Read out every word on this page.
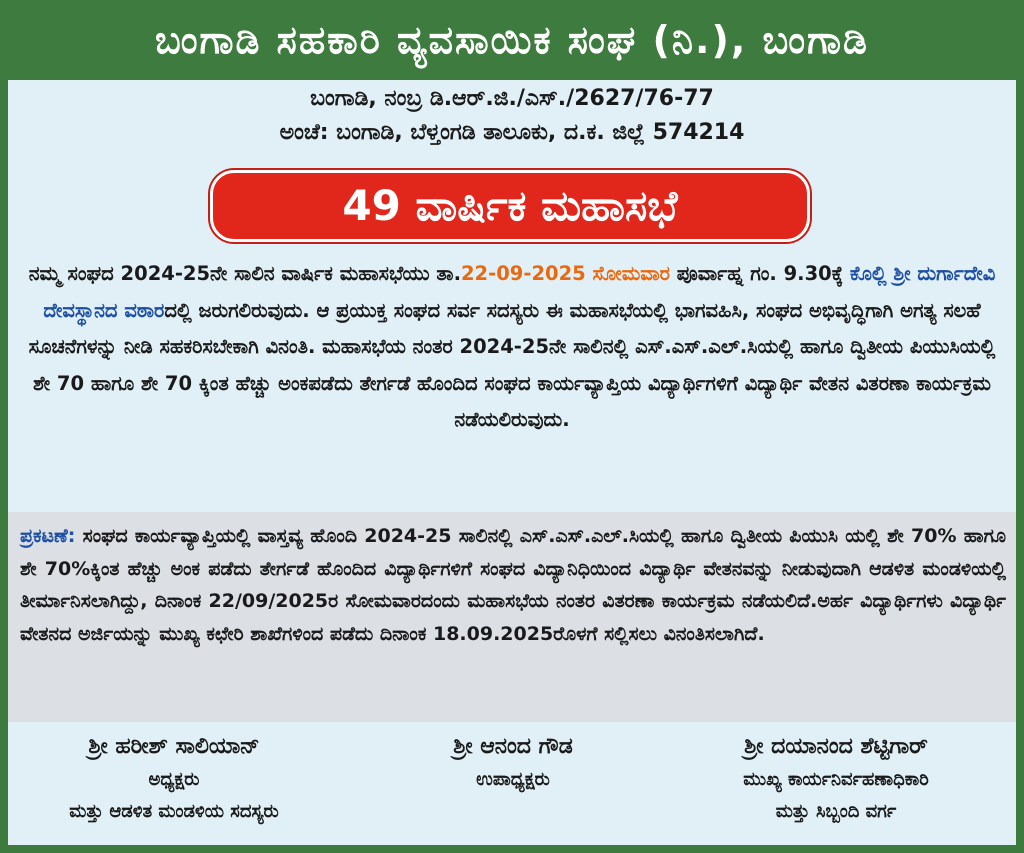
ಬಂಗಾಡಿ ಸಹಕಾರಿ ವ್ಯವಸಾಯಿಕ ಸಂಘ (ನಿ.), ಬಂಗಾಡಿ
ಬಂಗಾಡಿ, ನಂಬ್ರ ಡಿ.ಆರ್.ಜಿ./ಎಸ್./2627/76-77
ಅಂಚೆ: ಬಂಗಾಡಿ, ಬೆಳ್ತಂಗಡಿ ತಾಲೂಕು, ದ.ಕ. ಜಿಲ್ಲೆ 574214
49 ವಾರ್ಷಿಕ ಮಹಾಸಭೆ
ನಮ್ಮ ಸಂಘದ 2024-25ನೇ ಸಾಲಿನ ವಾರ್ಷಿಕ ಮಹಾಸಭೆಯು ತಾ.22-09-2025 ಸೋಮವಾರ ಪೂರ್ವಾಹ್ನ ಗಂ. 9.30ಕ್ಕೆ ಕೊಲ್ಲಿ ಶ್ರೀ ದುರ್ಗಾದೇವಿ ದೇವಸ್ಥಾನದ ವಠಾರದಲ್ಲಿ ಜರುಗಲಿರುವುದು. ಆ ಪ್ರಯುಕ್ತ ಸಂಘದ ಸರ್ವ ಸದಸ್ಯರು ಈ ಮಹಾಸಭೆಯಲ್ಲಿ ಭಾಗವಹಿಸಿ, ಸಂಘದ ಅಭಿವೃದ್ಧಿಗಾಗಿ ಅಗತ್ಯ ಸಲಹೆ ಸೂಚನೆಗಳನ್ನು ನೀಡಿ ಸಹಕರಿಸಬೇಕಾಗಿ ವಿನಂತಿ. ಮಹಾಸಭೆಯ ನಂತರ 2024-25ನೇ ಸಾಲಿನಲ್ಲಿ ಎಸ್.ಎಸ್.ಎಲ್.ಸಿಯಲ್ಲಿ ಹಾಗೂ ದ್ವಿತೀಯ ಪಿಯುಸಿಯಲ್ಲಿ ಶೇ 70 ಹಾಗೂ ಶೇ 70 ಕ್ಕಿಂತ ಹೆಚ್ಚು ಅಂಕಪಡೆದು ತೇರ್ಗಡೆ ಹೊಂದಿದ ಸಂಘದ ಕಾರ್ಯವ್ಯಾಪ್ತಿಯ ವಿದ್ಯಾರ್ಥಿಗಳಿಗೆ ವಿದ್ಯಾರ್ಥಿ ವೇತನ ವಿತರಣಾ ಕಾರ್ಯಕ್ರಮ ನಡೆಯಲಿರುವುದು.
ಪ್ರಕಟಣೆ: ಸಂಘದ ಕಾರ್ಯವ್ಯಾಪ್ತಿಯಲ್ಲಿ ವಾಸ್ತವ್ಯ ಹೊಂದಿ 2024-25 ಸಾಲಿನಲ್ಲಿ ಎಸ್.ಎಸ್.ಎಲ್.ಸಿಯಲ್ಲಿ ಹಾಗೂ ದ್ವಿತೀಯ ಪಿಯುಸಿ ಯಲ್ಲಿ ಶೇ 70% ಹಾಗೂ ಶೇ 70%ಕ್ಕಿಂತ ಹೆಚ್ಚು ಅಂಕ ಪಡೆದು ತೇರ್ಗಡೆ ಹೊಂದಿದ ವಿದ್ಯಾರ್ಥಿಗಳಿಗೆ ಸಂಘದ ವಿದ್ಯಾನಿಧಿಯಿಂದ ವಿದ್ಯಾರ್ಥಿ ವೇತನವನ್ನು ನೀಡುವುದಾಗಿ ಆಡಳಿತ ಮಂಡಳಿಯಲ್ಲಿ ತೀರ್ಮಾನಿಸಲಾಗಿದ್ದು, ದಿನಾಂಕ 22/09/2025ರ ಸೋಮವಾರದಂದು ಮಹಾಸಭೆಯ ನಂತರ ವಿತರಣಾ ಕಾರ್ಯಕ್ರಮ ನಡೆಯಲಿದೆ.ಅರ್ಹ ವಿದ್ಯಾರ್ಥಿಗಳು ವಿದ್ಯಾರ್ಥಿ ವೇತನದ ಅರ್ಜಿಯನ್ನು ಮುಖ್ಯ ಕಛೇರಿ ಶಾಖೆಗಳಿಂದ ಪಡೆದು ದಿನಾಂಕ 18.09.2025ರೊಳಗೆ ಸಲ್ಲಿಸಲು ವಿನಂತಿಸಲಾಗಿದೆ.
ಶ್ರೀ ಹರೀಶ್ ಸಾಲಿಯಾನ್
ಅಧ್ಯಕ್ಷರು
ಮತ್ತು ಆಡಳಿತ ಮಂಡಳಿಯ ಸದಸ್ಯರು
ಶ್ರೀ ಆನಂದ ಗೌಡ
ಉಪಾಧ್ಯಕ್ಷರು
ಶ್ರೀ ದಯಾನಂದ ಶೆಟ್ಟಿಗಾರ್
ಮುಖ್ಯ ಕಾರ್ಯನಿರ್ವಹಣಾಧಿಕಾರಿ
ಮತ್ತು ಸಿಬ್ಬಂದಿ ವರ್ಗ
